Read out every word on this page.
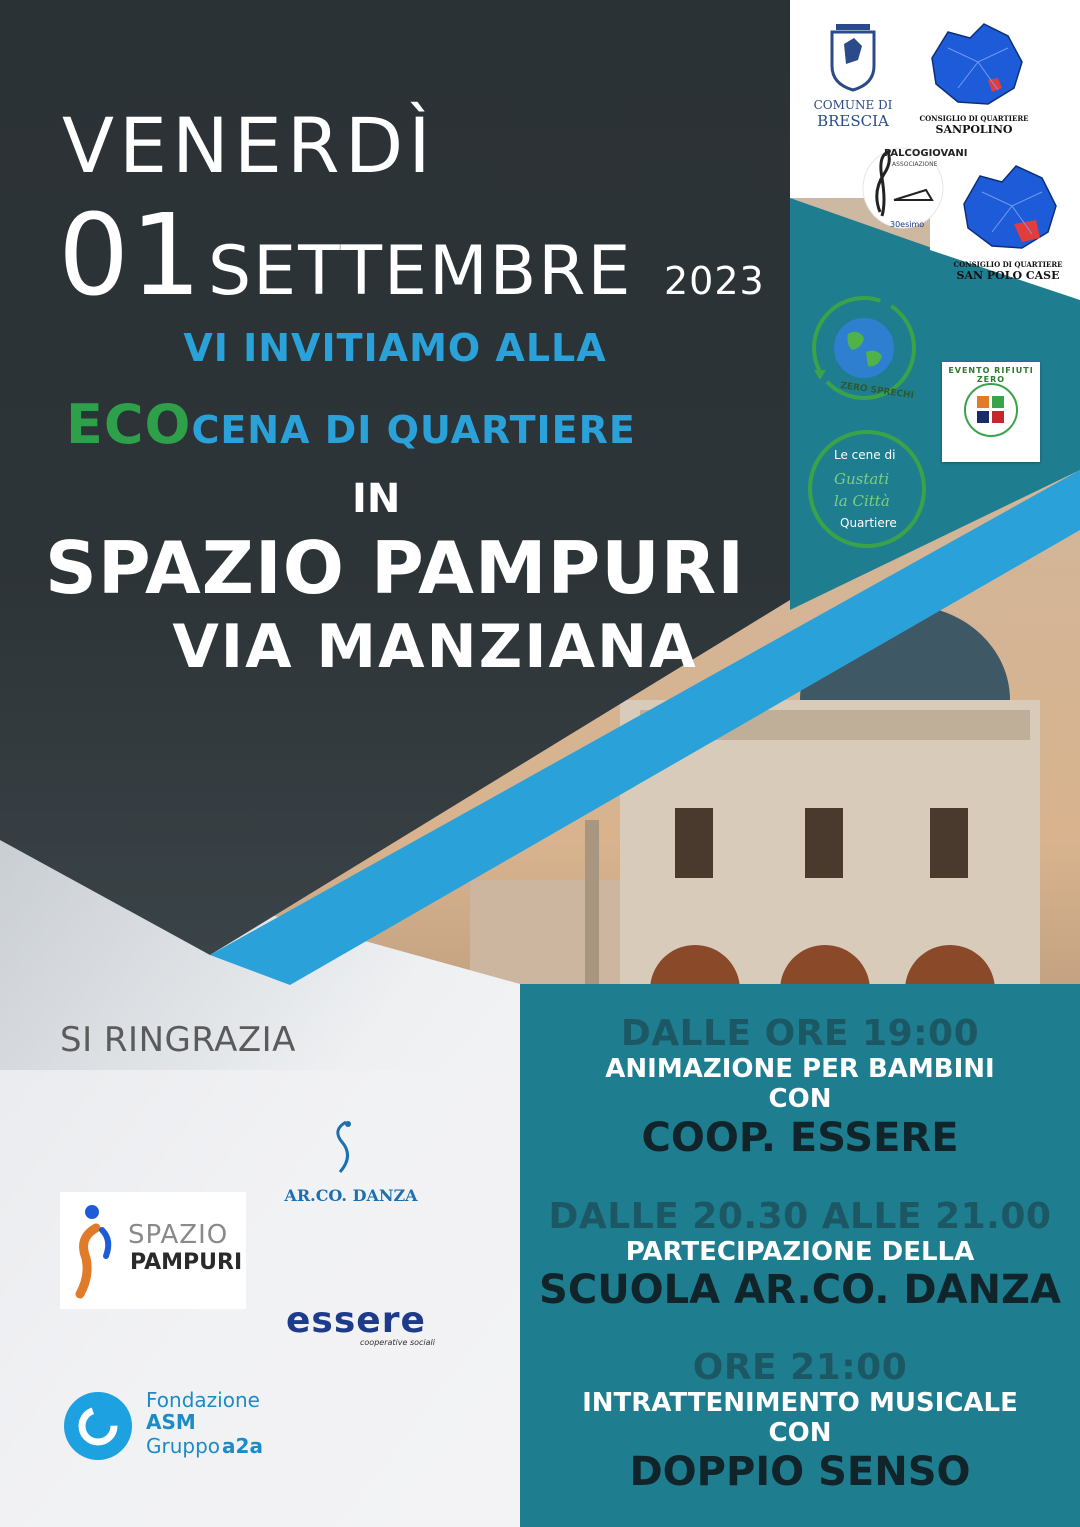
VENERDÌ
01 SETTEMBRE 2023
VI INVITIAMO ALLA
ECOCENA DI QUARTIERE
IN
SPAZIO PAMPURI
VIA MANZIANA
COMUNE DI
BRESCIA	CONSIGLIO DI QUARTIERE
SANPOLINO
PALCOGIOVANI
ASSOCIAZIONE
30esimo
CONSIGLIO DI QUARTIERE
SAN POLO CASE
ZERO SPRECHI
EVENTO RIFIUTI ZERO
Le cene di
Gustati
la Città
Quartiere
SI RINGRAZIA
AR.CO. DANZA
SPAZIO
PAMPURI
essere
cooperative sociali
Fondazione
ASM
Gruppo a2a
DALLE ORE 19:00
ANIMAZIONE PER BAMBINI
CON
COOP. ESSERE
DALLE 20.30 ALLE 21.00
PARTECIPAZIONE DELLA
SCUOLA AR.CO. DANZA
ORE 21:00
INTRATTENIMENTO MUSICALE
CON
DOPPIO SENSO
